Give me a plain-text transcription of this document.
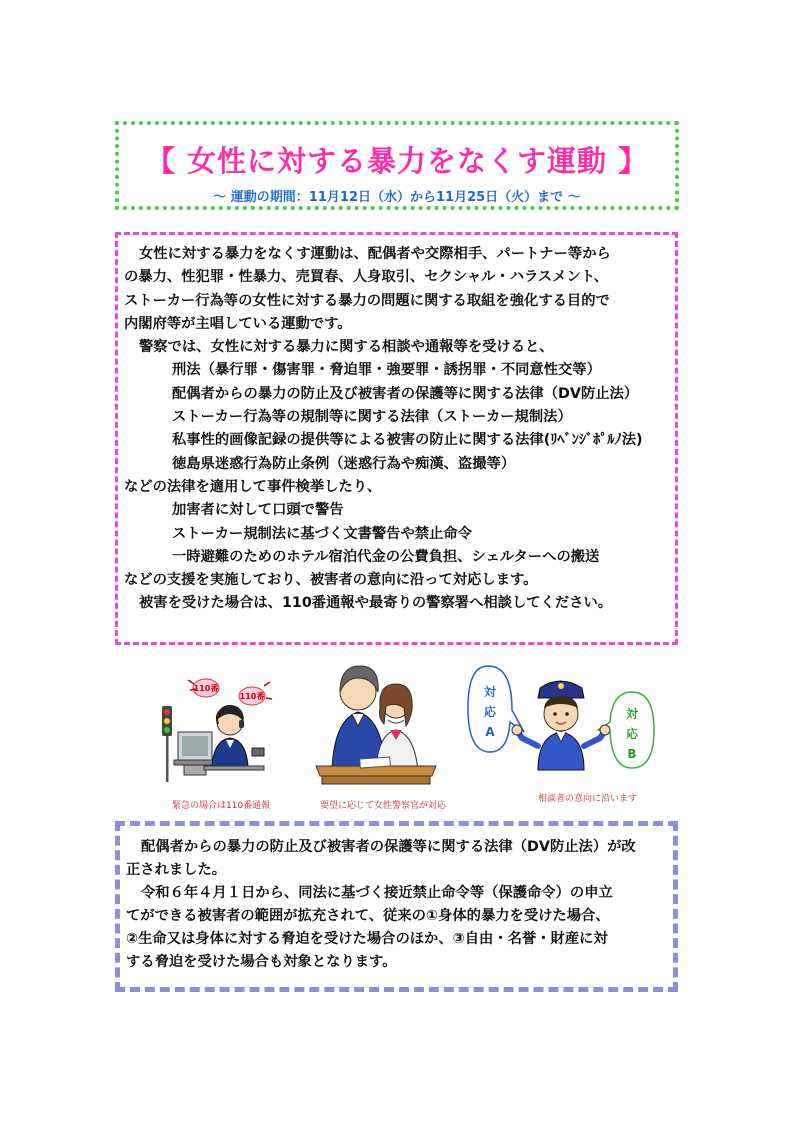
【 女性に対する暴力をなくす運動 】
～ 運動の期間：11月12日（水）から11月25日（火）まで ～
女性に対する暴力をなくす運動は、配偶者や交際相手、パートナー等から
の暴力、性犯罪・性暴力、売買春、人身取引、セクシャル・ハラスメント、
ストーカー行為等の女性に対する暴力の問題に関する取組を強化する目的で
内閣府等が主唱している運動です。
警察では、女性に対する暴力に関する相談や通報等を受けると、
刑法（暴行罪・傷害罪・脅迫罪・強要罪・誘拐罪・不同意性交等）
配偶者からの暴力の防止及び被害者の保護等に関する法律（DV防止法）
ストーカー行為等の規制等に関する法律（ストーカー規制法）
私事性的画像記録の提供等による被害の防止に関する法律(ﾘﾍﾞﾝｼﾞﾎﾟﾙﾉ法)
徳島県迷惑行為防止条例（迷惑行為や痴漢、盗撮等）
などの法律を適用して事件検挙したり、
加害者に対して口頭で警告
ストーカー規制法に基づく文書警告や禁止命令
一時避難のためのホテル宿泊代金の公費負担、シェルターへの搬送
などの支援を実施しており、被害者の意向に沿って対応します。
被害を受けた場合は、110番通報や最寄りの警察署へ相談してください。
110番
110番	対
応
A
対
応
B
緊急の場合は110番通報	要望に応じて女性警察官が対応
相談者の意向に沿います
配偶者からの暴力の防止及び被害者の保護等に関する法律（DV防止法）が改
正されました。
令和６年４月１日から、同法に基づく接近禁止命令等（保護命令）の申立
てができる被害者の範囲が拡充されて、従来の①身体的暴力を受けた場合、
②生命又は身体に対する脅迫を受けた場合のほか、③自由・名誉・財産に対
する脅迫を受けた場合も対象となります。
